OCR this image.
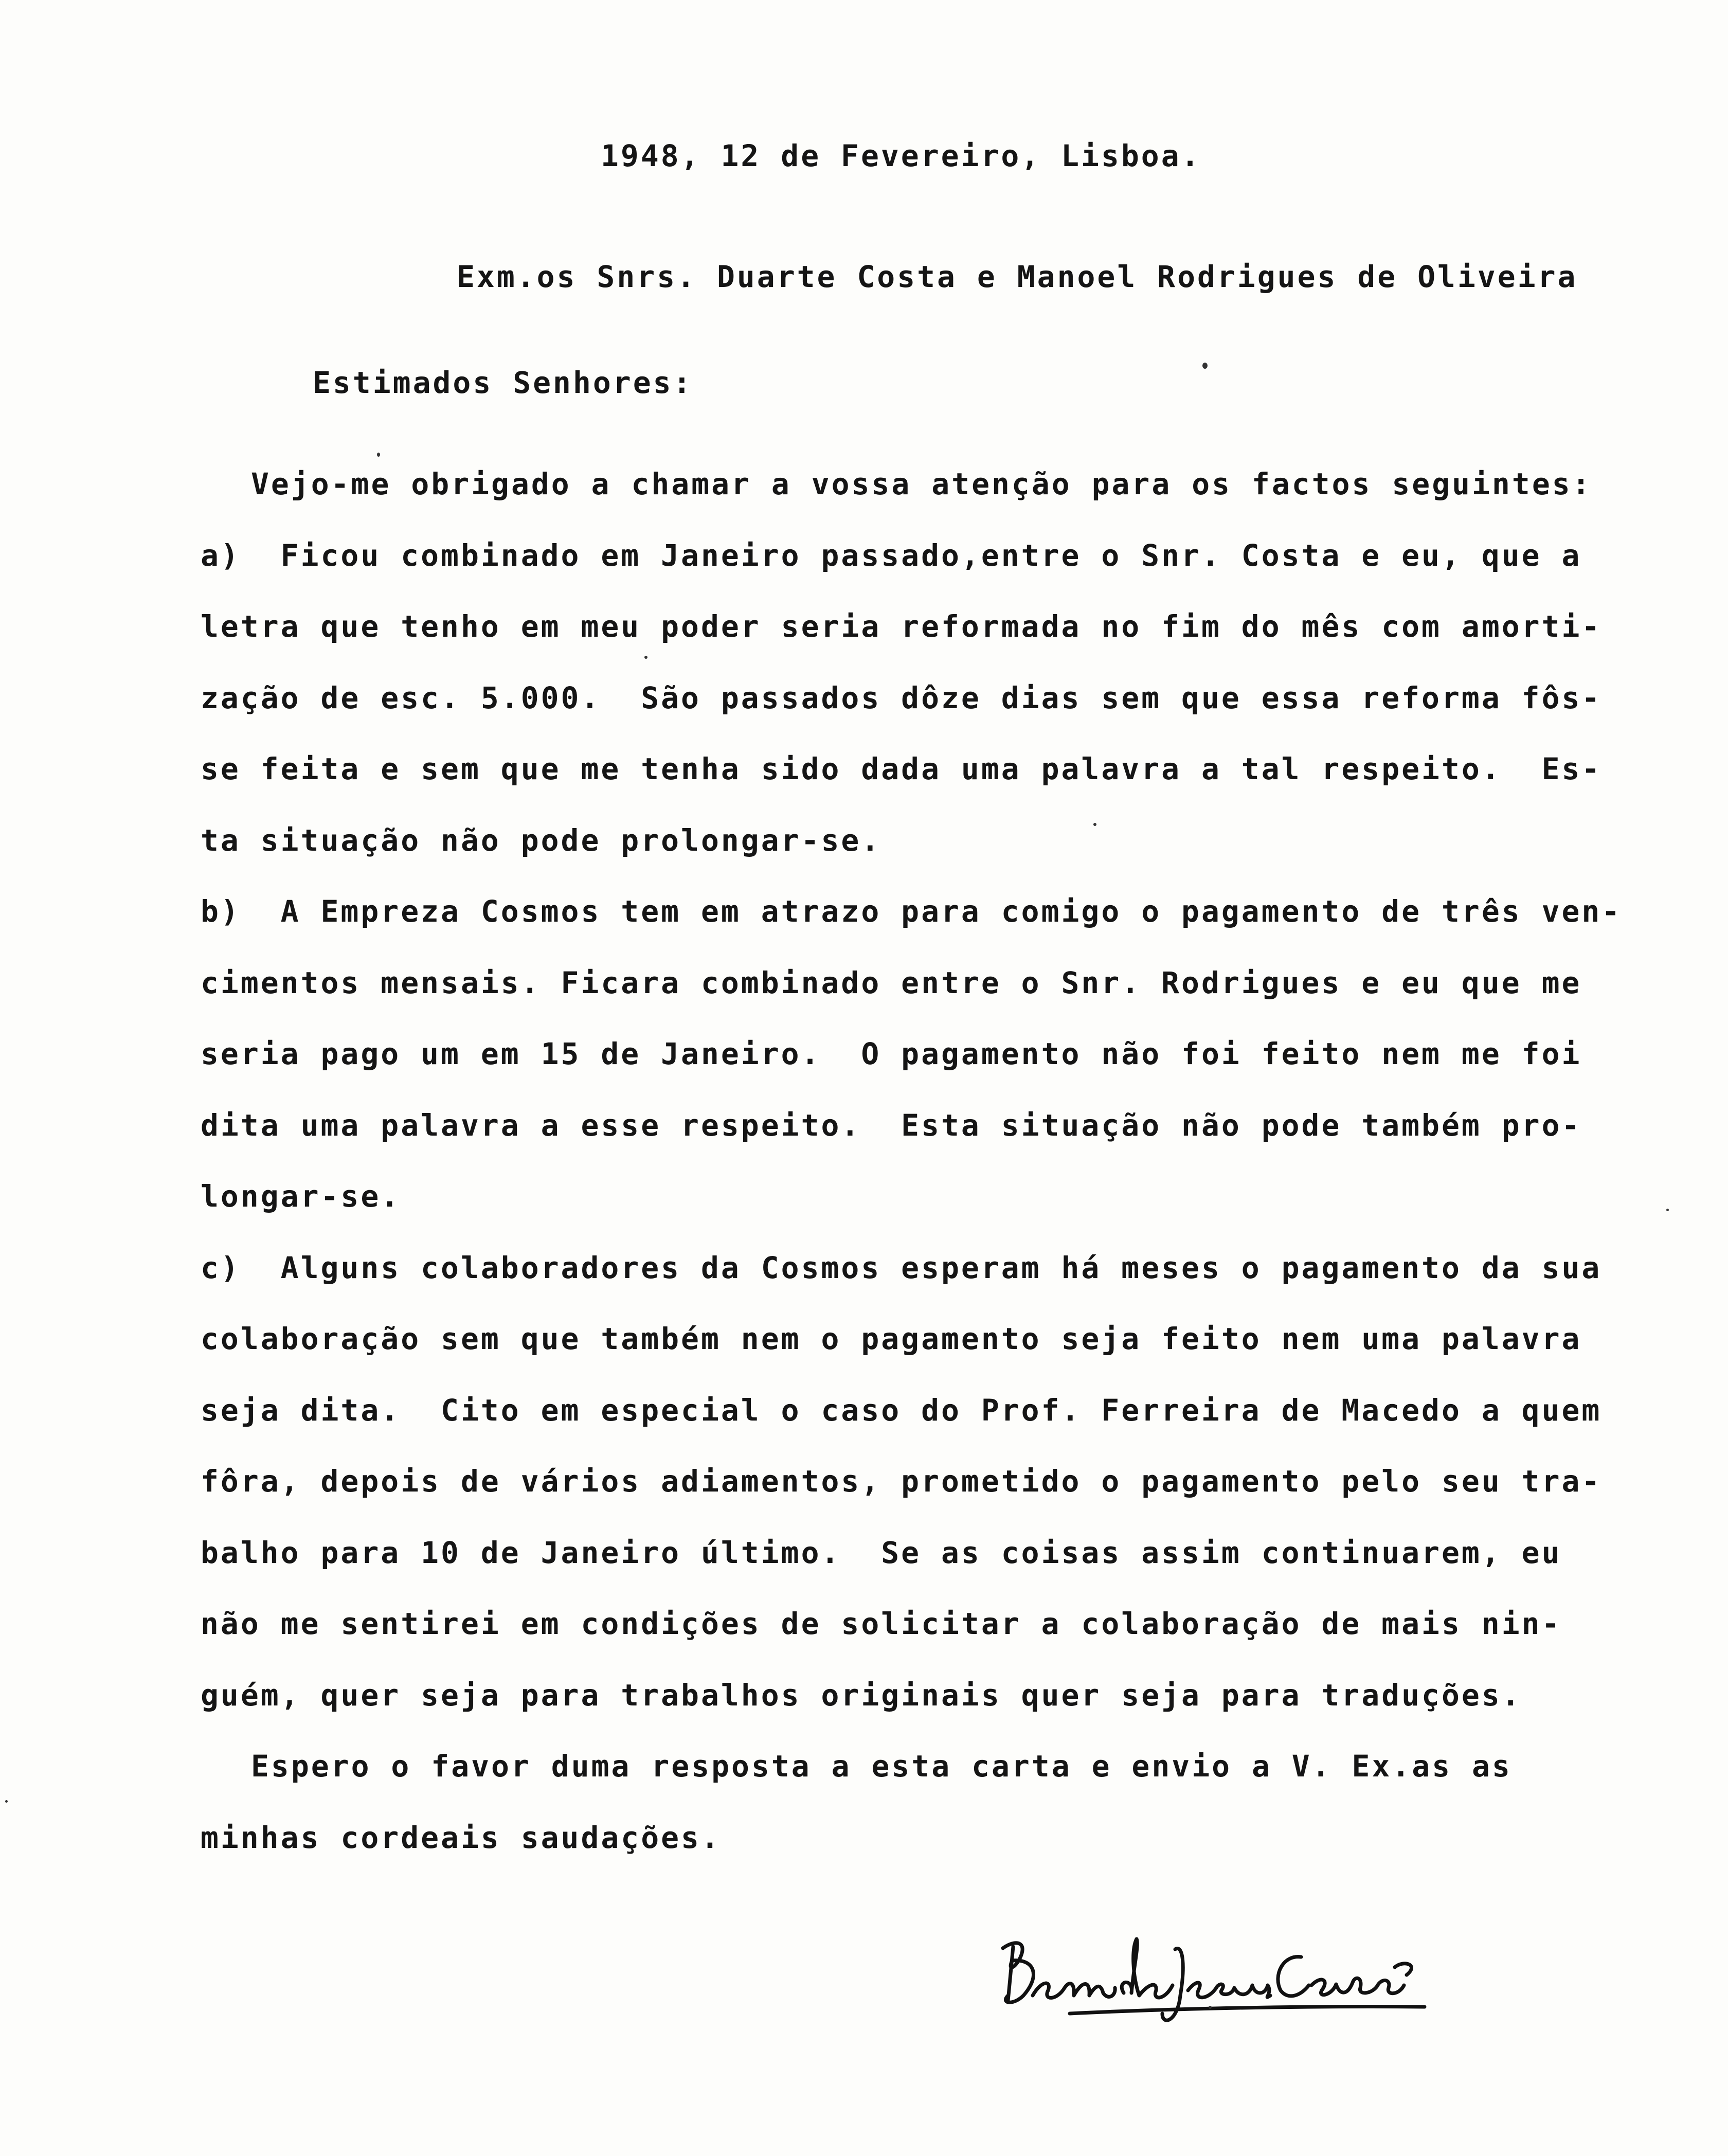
1948, 12 de Fevereiro, Lisboa.
Exm.os Snrs. Duarte Costa e Manoel Rodrigues de Oliveira
Estimados Senhores:
Vejo-me obrigado a chamar a vossa atenção para os factos seguintes:
a)  Ficou combinado em Janeiro passado,entre o Snr. Costa e eu, que a
letra que tenho em meu poder seria reformada no fim do mês com amorti-
zação de esc. 5.000.  São passados dôze dias sem que essa reforma fôs-
se feita e sem que me tenha sido dada uma palavra a tal respeito.  Es-
ta situação não pode prolongar-se.
b)  A Empreza Cosmos tem em atrazo para comigo o pagamento de três ven-
cimentos mensais. Ficara combinado entre o Snr. Rodrigues e eu que me
seria pago um em 15 de Janeiro.  O pagamento não foi feito nem me foi
dita uma palavra a esse respeito.  Esta situação não pode também pro-
longar-se.
c)  Alguns colaboradores da Cosmos esperam há meses o pagamento da sua
colaboração sem que também nem o pagamento seja feito nem uma palavra
seja dita.  Cito em especial o caso do Prof. Ferreira de Macedo a quem
fôra, depois de vários adiamentos, prometido o pagamento pelo seu tra-
balho para 10 de Janeiro último.  Se as coisas assim continuarem, eu
não me sentirei em condições de solicitar a colaboração de mais nin-
guém, quer seja para trabalhos originais quer seja para traduções.
Espero o favor duma resposta a esta carta e envio a V. Ex.as as
minhas cordeais saudações.
